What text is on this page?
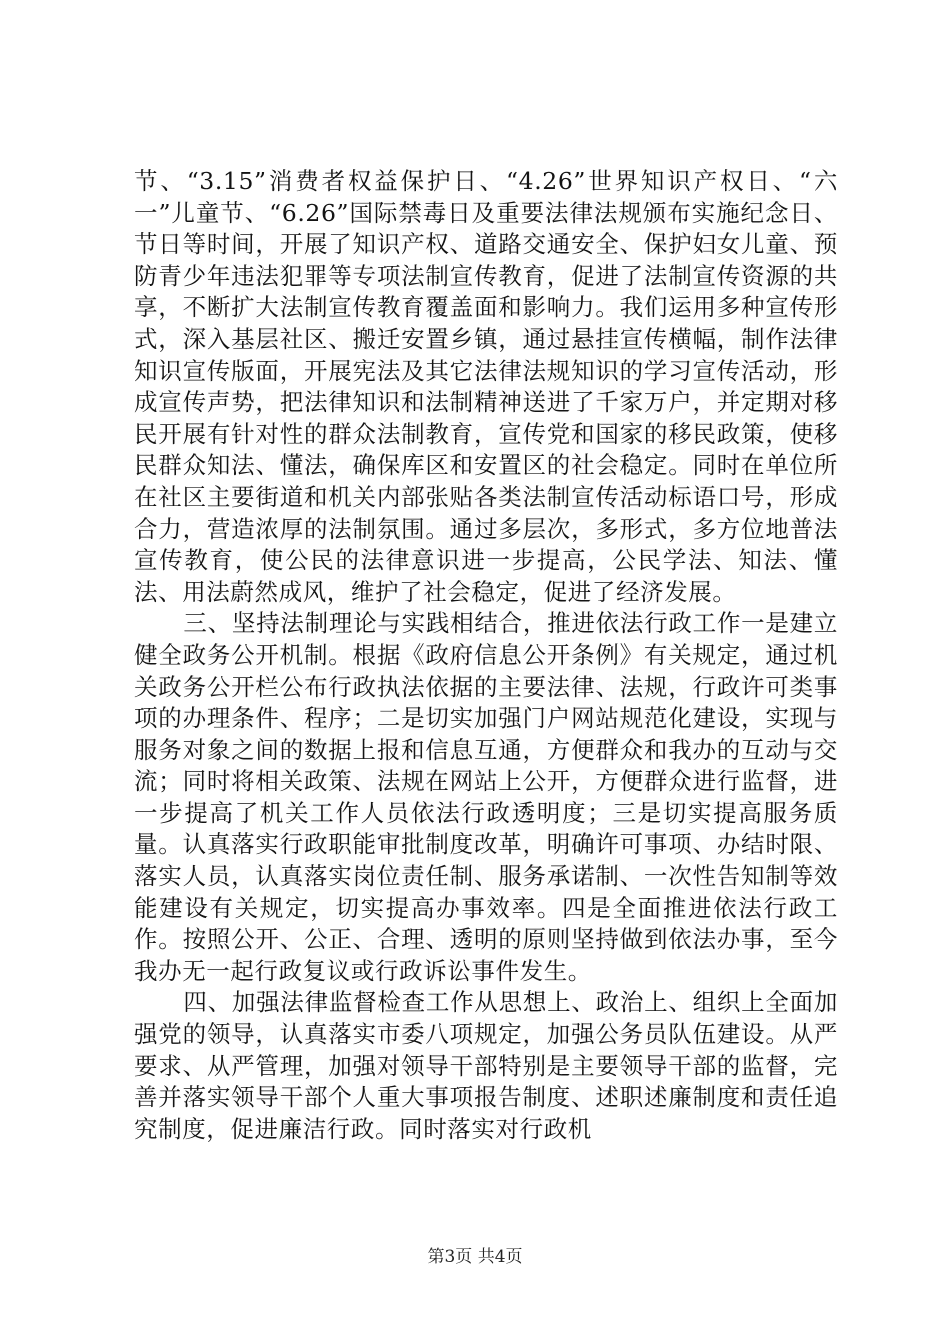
节、“3.15”消费者权益保护日、“4.26”世界知识产权日、“六一”儿童节、“6.26”国际禁毒日及重要法律法规颁布实施纪念日、节日等时间，开展了知识产权、道路交通安全、保护妇女儿童、预防青少年违法犯罪等专项法制宣传教育，促进了法制宣传资源的共享，不断扩大法制宣传教育覆盖面和影响力。我们运用多种宣传形式，深入基层社区、搬迁安置乡镇，通过悬挂宣传横幅，制作法律知识宣传版面，开展宪法及其它法律法规知识的学习宣传活动，形成宣传声势，把法律知识和法制精神送进了千家万户，并定期对移民开展有针对性的群众法制教育，宣传党和国家的移民政策，使移民群众知法、懂法，确保库区和安置区的社会稳定。同时在单位所在社区主要街道和机关内部张贴各类法制宣传活动标语口号，形成合力，营造浓厚的法制氛围。通过多层次，多形式，多方位地普法宣传教育，使公民的法律意识进一步提高，公民学法、知法、懂法、用法蔚然成风，维护了社会稳定，促进了经济发展。

三、坚持法制理论与实践相结合，推进依法行政工作一是建立健全政务公开机制。根据《政府信息公开条例》有关规定，通过机关政务公开栏公布行政执法依据的主要法律、法规，行政许可类事项的办理条件、程序；二是切实加强门户网站规范化建设，实现与服务对象之间的数据上报和信息互通，方便群众和我办的互动与交流；同时将相关政策、法规在网站上公开，方便群众进行监督，进一步提高了机关工作人员依法行政透明度；三是切实提高服务质量。认真落实行政职能审批制度改革，明确许可事项、办结时限、落实人员，认真落实岗位责任制、服务承诺制、一次性告知制等效能建设有关规定，切实提高办事效率。四是全面推进依法行政工作。按照公开、公正、合理、透明的原则坚持做到依法办事，至今我办无一起行政复议或行政诉讼事件发生。

四、加强法律监督检查工作从思想上、政治上、组织上全面加强党的领导，认真落实市委八项规定，加强公务员队伍建设。从严要求、从严管理，加强对领导干部特别是主要领导干部的监督，完善并落实领导干部个人重大事项报告制度、述职述廉制度和责任追究制度，促进廉洁行政。同时落实对行政机

第3页 共4页
